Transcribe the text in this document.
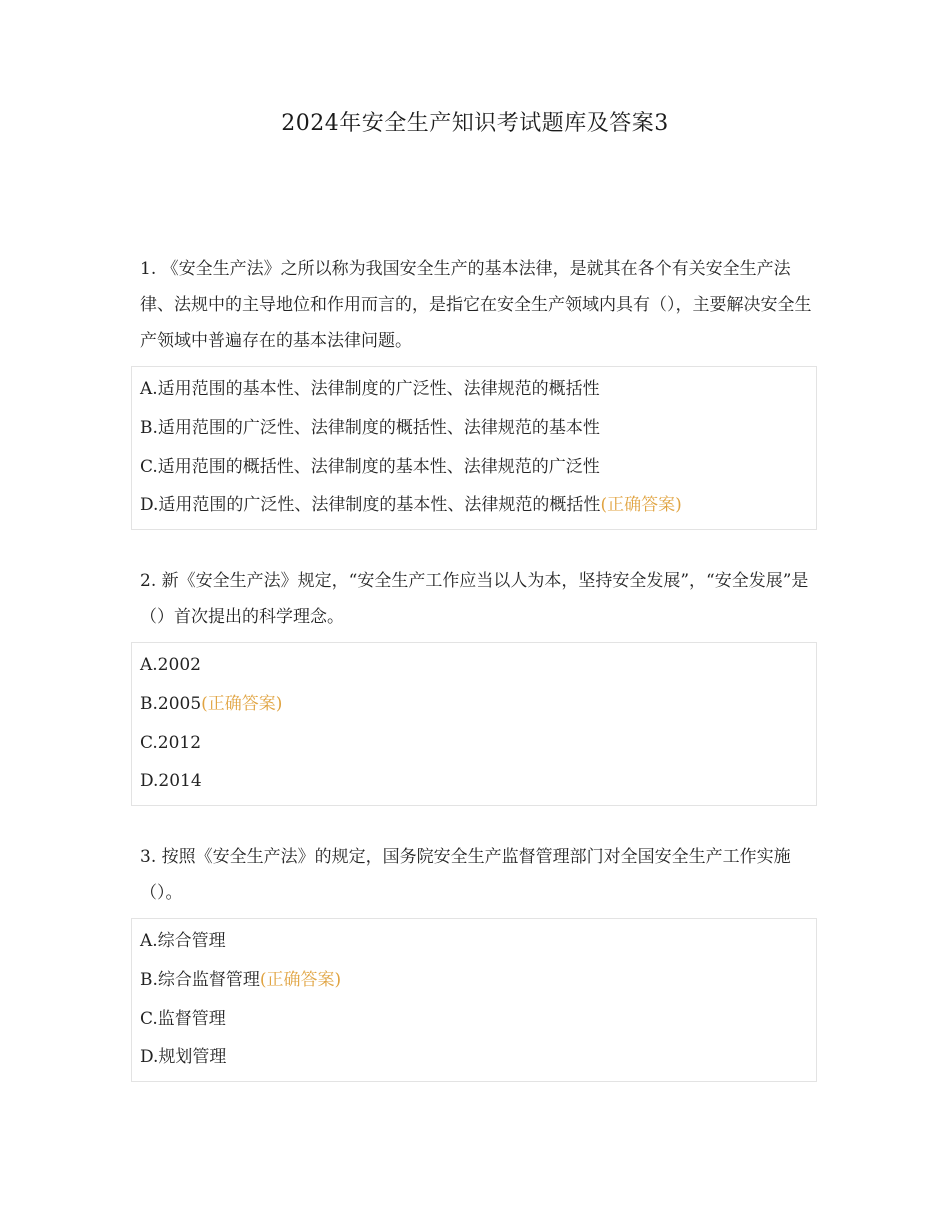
2024年安全生产知识考试题库及答案3

1. 《安全生产法》之所以称为我国安全生产的基本法律，是就其在各个有关安全生产法律、法规中的主导地位和作用而言的，是指它在安全生产领域内具有（），主要解决安全生产领域中普遍存在的基本法律问题。

A.适用范围的基本性、法律制度的广泛性、法律规范的概括性
B.适用范围的广泛性、法律制度的概括性、法律规范的基本性
C.适用范围的概括性、法律制度的基本性、法律规范的广泛性
D.适用范围的广泛性、法律制度的基本性、法律规范的概括性(正确答案)

2. 新《安全生产法》规定，“安全生产工作应当以人为本，坚持安全发展”，“安全发展”是（）首次提出的科学理念。

A.2002
B.2005(正确答案)
C.2012
D.2014

3. 按照《安全生产法》的规定，国务院安全生产监督管理部门对全国安全生产工作实施（）。

A.综合管理
B.综合监督管理(正确答案)
C.监督管理
D.规划管理
